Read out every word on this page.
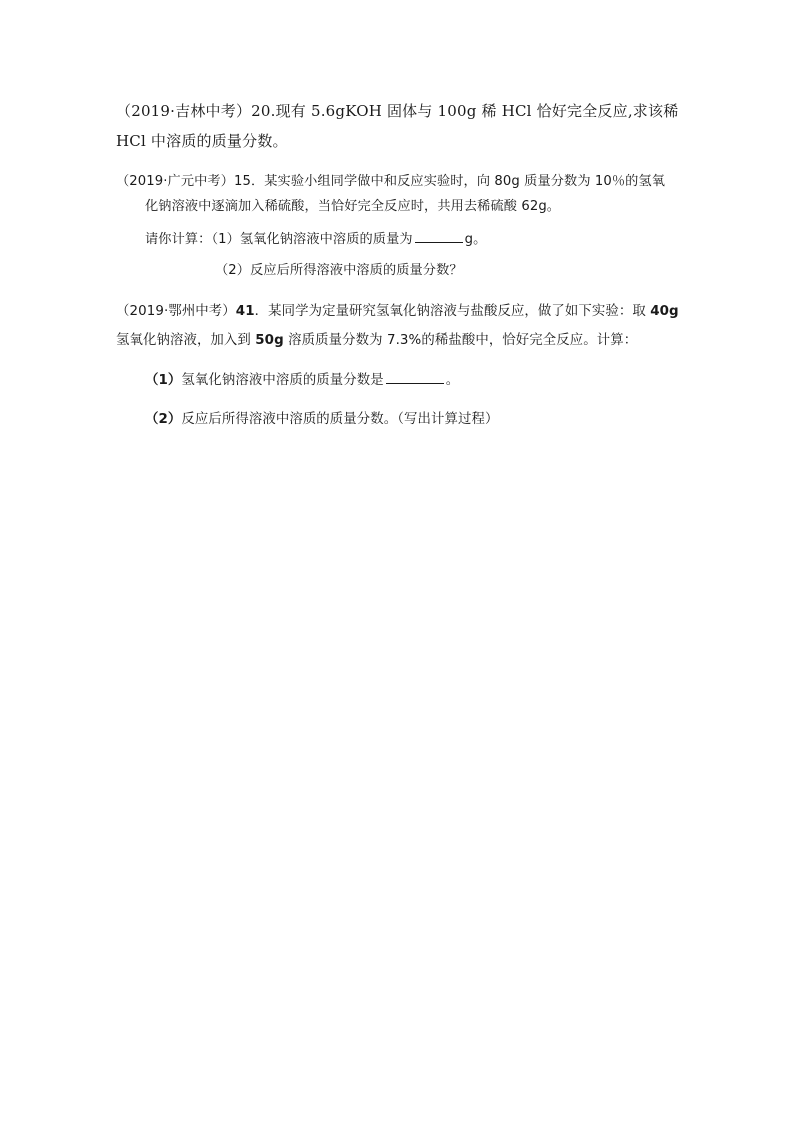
（2019·吉林中考）20.现有 5.6gKOH 固体与 100g 稀 HCl 恰好完全反应,求该稀
HCl 中溶质的质量分数。
（2019·广元中考）15．某实验小组同学做中和反应实验时，向 80g 质量分数为 10％的氢氧
化钠溶液中逐滴加入稀硫酸，当恰好完全反应时，共用去稀硫酸 62g。
请你计算：（1）氢氧化钠溶液中溶质的质量为	g。
（2）反应后所得溶液中溶质的质量分数？
（2019·鄂州中考）41．某同学为定量研究氢氧化钠溶液与盐酸反应，做了如下实验：取 40g
氢氧化钠溶液，加入到 50g 溶质质量分数为 7.3%的稀盐酸中，恰好完全反应。计算：
（1）氢氧化钠溶液中溶质的质量分数是	。
（2）反应后所得溶液中溶质的质量分数。（写出计算过程）
